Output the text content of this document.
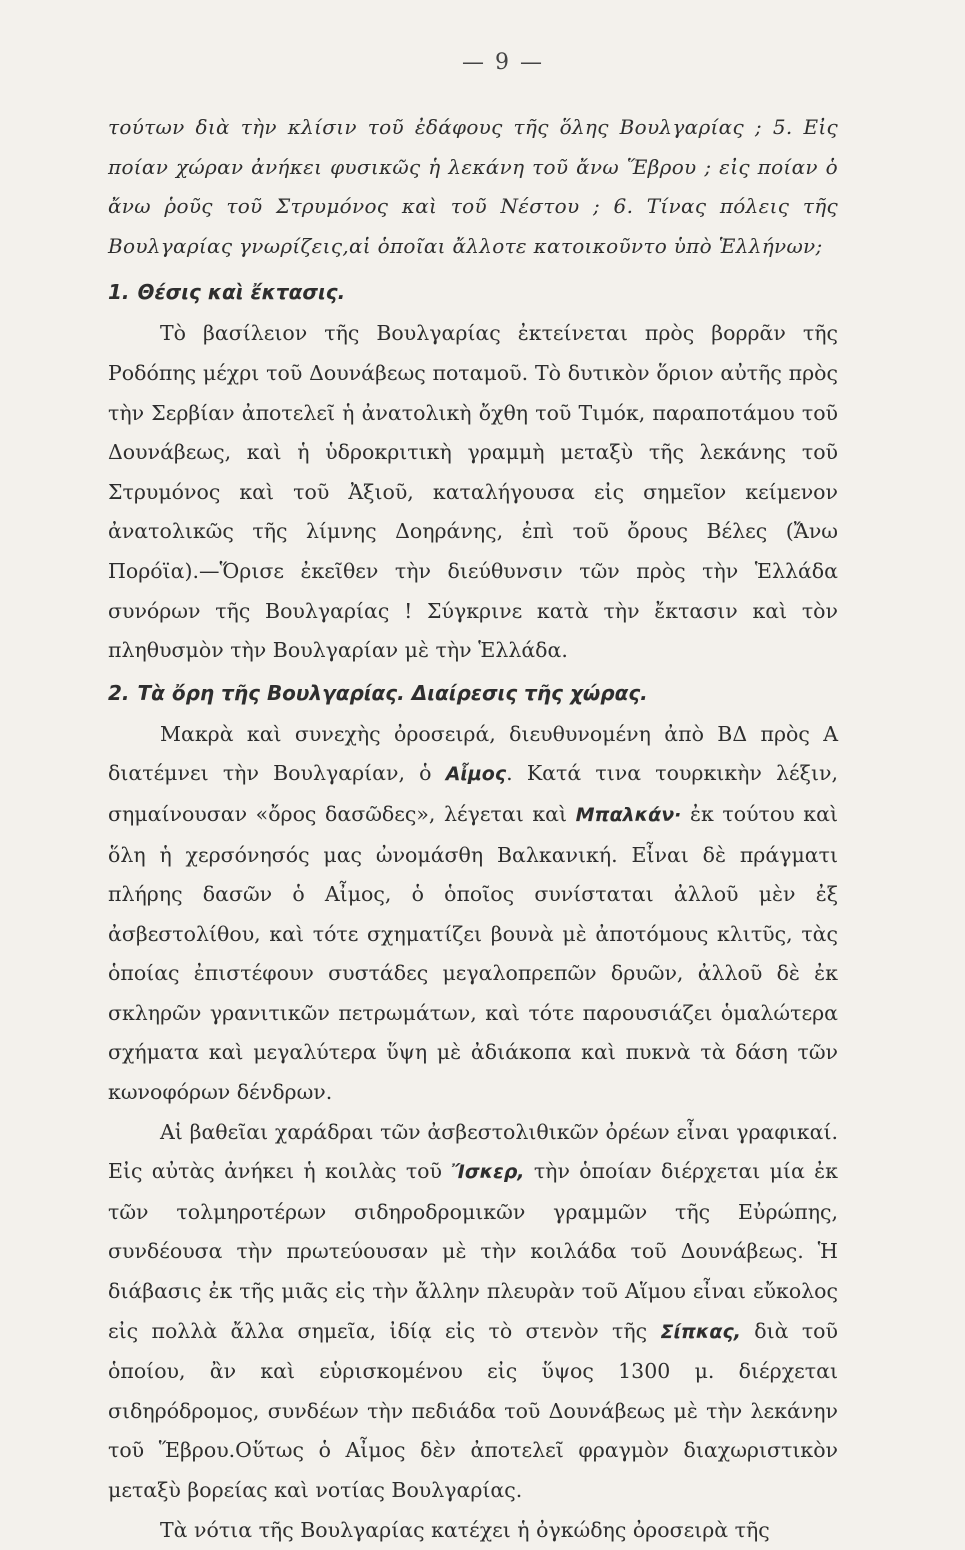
— 9 —

τούτων διὰ τὴν κλίσιν τοῦ ἐδάφους τῆς ὅλης Βουλγαρίας ; 5. Εἰς ποίαν χώραν ἀνήκει φυσικῶς ἡ λεκάνη τοῦ ἄνω Ἕβρου ; εἰς ποίαν ὁ ἄνω ῥοῦς τοῦ Στρυμόνος καὶ τοῦ Νέστου ; 6. Τίνας πόλεις τῆς Βουλγαρίας γνωρίζεις,αἱ ὁποῖαι ἄλλοτε κατοικοῦντο ὑπὸ Ἑλλήνων;

1. Θέσις καὶ ἔκτασις.

Τὸ βασίλειον τῆς Βουλγαρίας ἐκτείνεται πρὸς βορρᾶν τῆς Ροδόπης μέχρι τοῦ Δουνάβεως ποταμοῦ. Τὸ δυτικὸν ὅριον αὐτῆς πρὸς τὴν Σερβίαν ἀποτελεῖ ἡ ἀνατολικὴ ὄχθη τοῦ Τιμόκ, παραποτάμου τοῦ Δουνάβεως, καὶ ἡ ὑδροκριτικὴ γραμμὴ μεταξὺ τῆς λεκάνης τοῦ Στρυμόνος καὶ τοῦ Ἀξιοῦ, καταλήγουσα εἰς σημεῖον κείμενον ἀνατολικῶς τῆς λίμνης Δοηράνης, ἐπὶ τοῦ ὄρους Βέλες (Ἄνω Πορόϊα).—Ὅρισε ἐκεῖθεν τὴν διεύθυνσιν τῶν πρὸς τὴν Ἑλλάδα συνόρων τῆς Βουλγαρίας ! Σύγκρινε κατὰ τὴν ἔκτασιν καὶ τὸν πληθυσμὸν τὴν Βουλγαρίαν μὲ τὴν Ἑλλάδα.

2. Τὰ ὄρη τῆς Βουλγαρίας. Διαίρεσις τῆς χώρας.

Μακρὰ καὶ συνεχὴς ὀροσειρά, διευθυνομένη ἀπὸ ΒΔ πρὸς Α διατέμνει τὴν Βουλγαρίαν, ὁ Αἶμος. Κατά τινα τουρκικὴν λέξιν, σημαίνουσαν «ὄρος δασῶδες», λέγεται καὶ Μπαλκάν· ἐκ τούτου καὶ ὅλη ἡ χερσόνησός μας ὠνομάσθη Βαλκανική. Εἶναι δὲ πράγματι πλήρης δασῶν ὁ Αἶμος, ὁ ὁποῖος συνίσταται ἀλλοῦ μὲν ἐξ ἀσβεστολίθου, καὶ τότε σχηματίζει βουνὰ μὲ ἀποτόμους κλιτῦς, τὰς ὁποίας ἐπιστέφουν συστάδες μεγαλοπρεπῶν δρυῶν, ἀλλοῦ δὲ ἐκ σκληρῶν γρανιτικῶν πετρωμάτων, καὶ τότε παρουσιάζει ὁμαλώτερα σχήματα καὶ μεγαλύτερα ὕψη μὲ ἀδιάκοπα καὶ πυκνὰ τὰ δάση τῶν κωνοφόρων δένδρων.

Αἱ βαθεῖαι χαράδραι τῶν ἀσβεστολιθικῶν ὀρέων εἶναι γραφικαί. Εἰς αὐτὰς ἀνήκει ἡ κοιλὰς τοῦ Ἴσκερ, τὴν ὁποίαν διέρχεται μία ἐκ τῶν τολμηροτέρων σιδηροδρομικῶν γραμμῶν τῆς Εὐρώπης, συνδέουσα τὴν πρωτεύουσαν μὲ τὴν κοιλάδα τοῦ Δουνάβεως. Ἡ διάβασις ἐκ τῆς μιᾶς εἰς τὴν ἄλλην πλευρὰν τοῦ Αἵμου εἶναι εὔκολος εἰς πολλὰ ἄλλα σημεῖα, ἰδίᾳ εἰς τὸ στενὸν τῆς Σίπκας, διὰ τοῦ ὁποίου, ἂν καὶ εὑρισκομένου εἰς ὕψος 1300 μ. διέρχεται σιδηρόδρομος, συνδέων τὴν πεδιάδα τοῦ Δουνάβεως μὲ τὴν λεκάνην τοῦ Ἕβρου.Οὕτως ὁ Αἶμος δὲν ἀποτελεῖ φραγμὸν διαχωριστικὸν μεταξὺ βορείας καὶ νοτίας Βουλγαρίας.

Τὰ νότια τῆς Βουλγαρίας κατέχει ἡ ὀγκώδης ὀροσειρὰ τῆς
